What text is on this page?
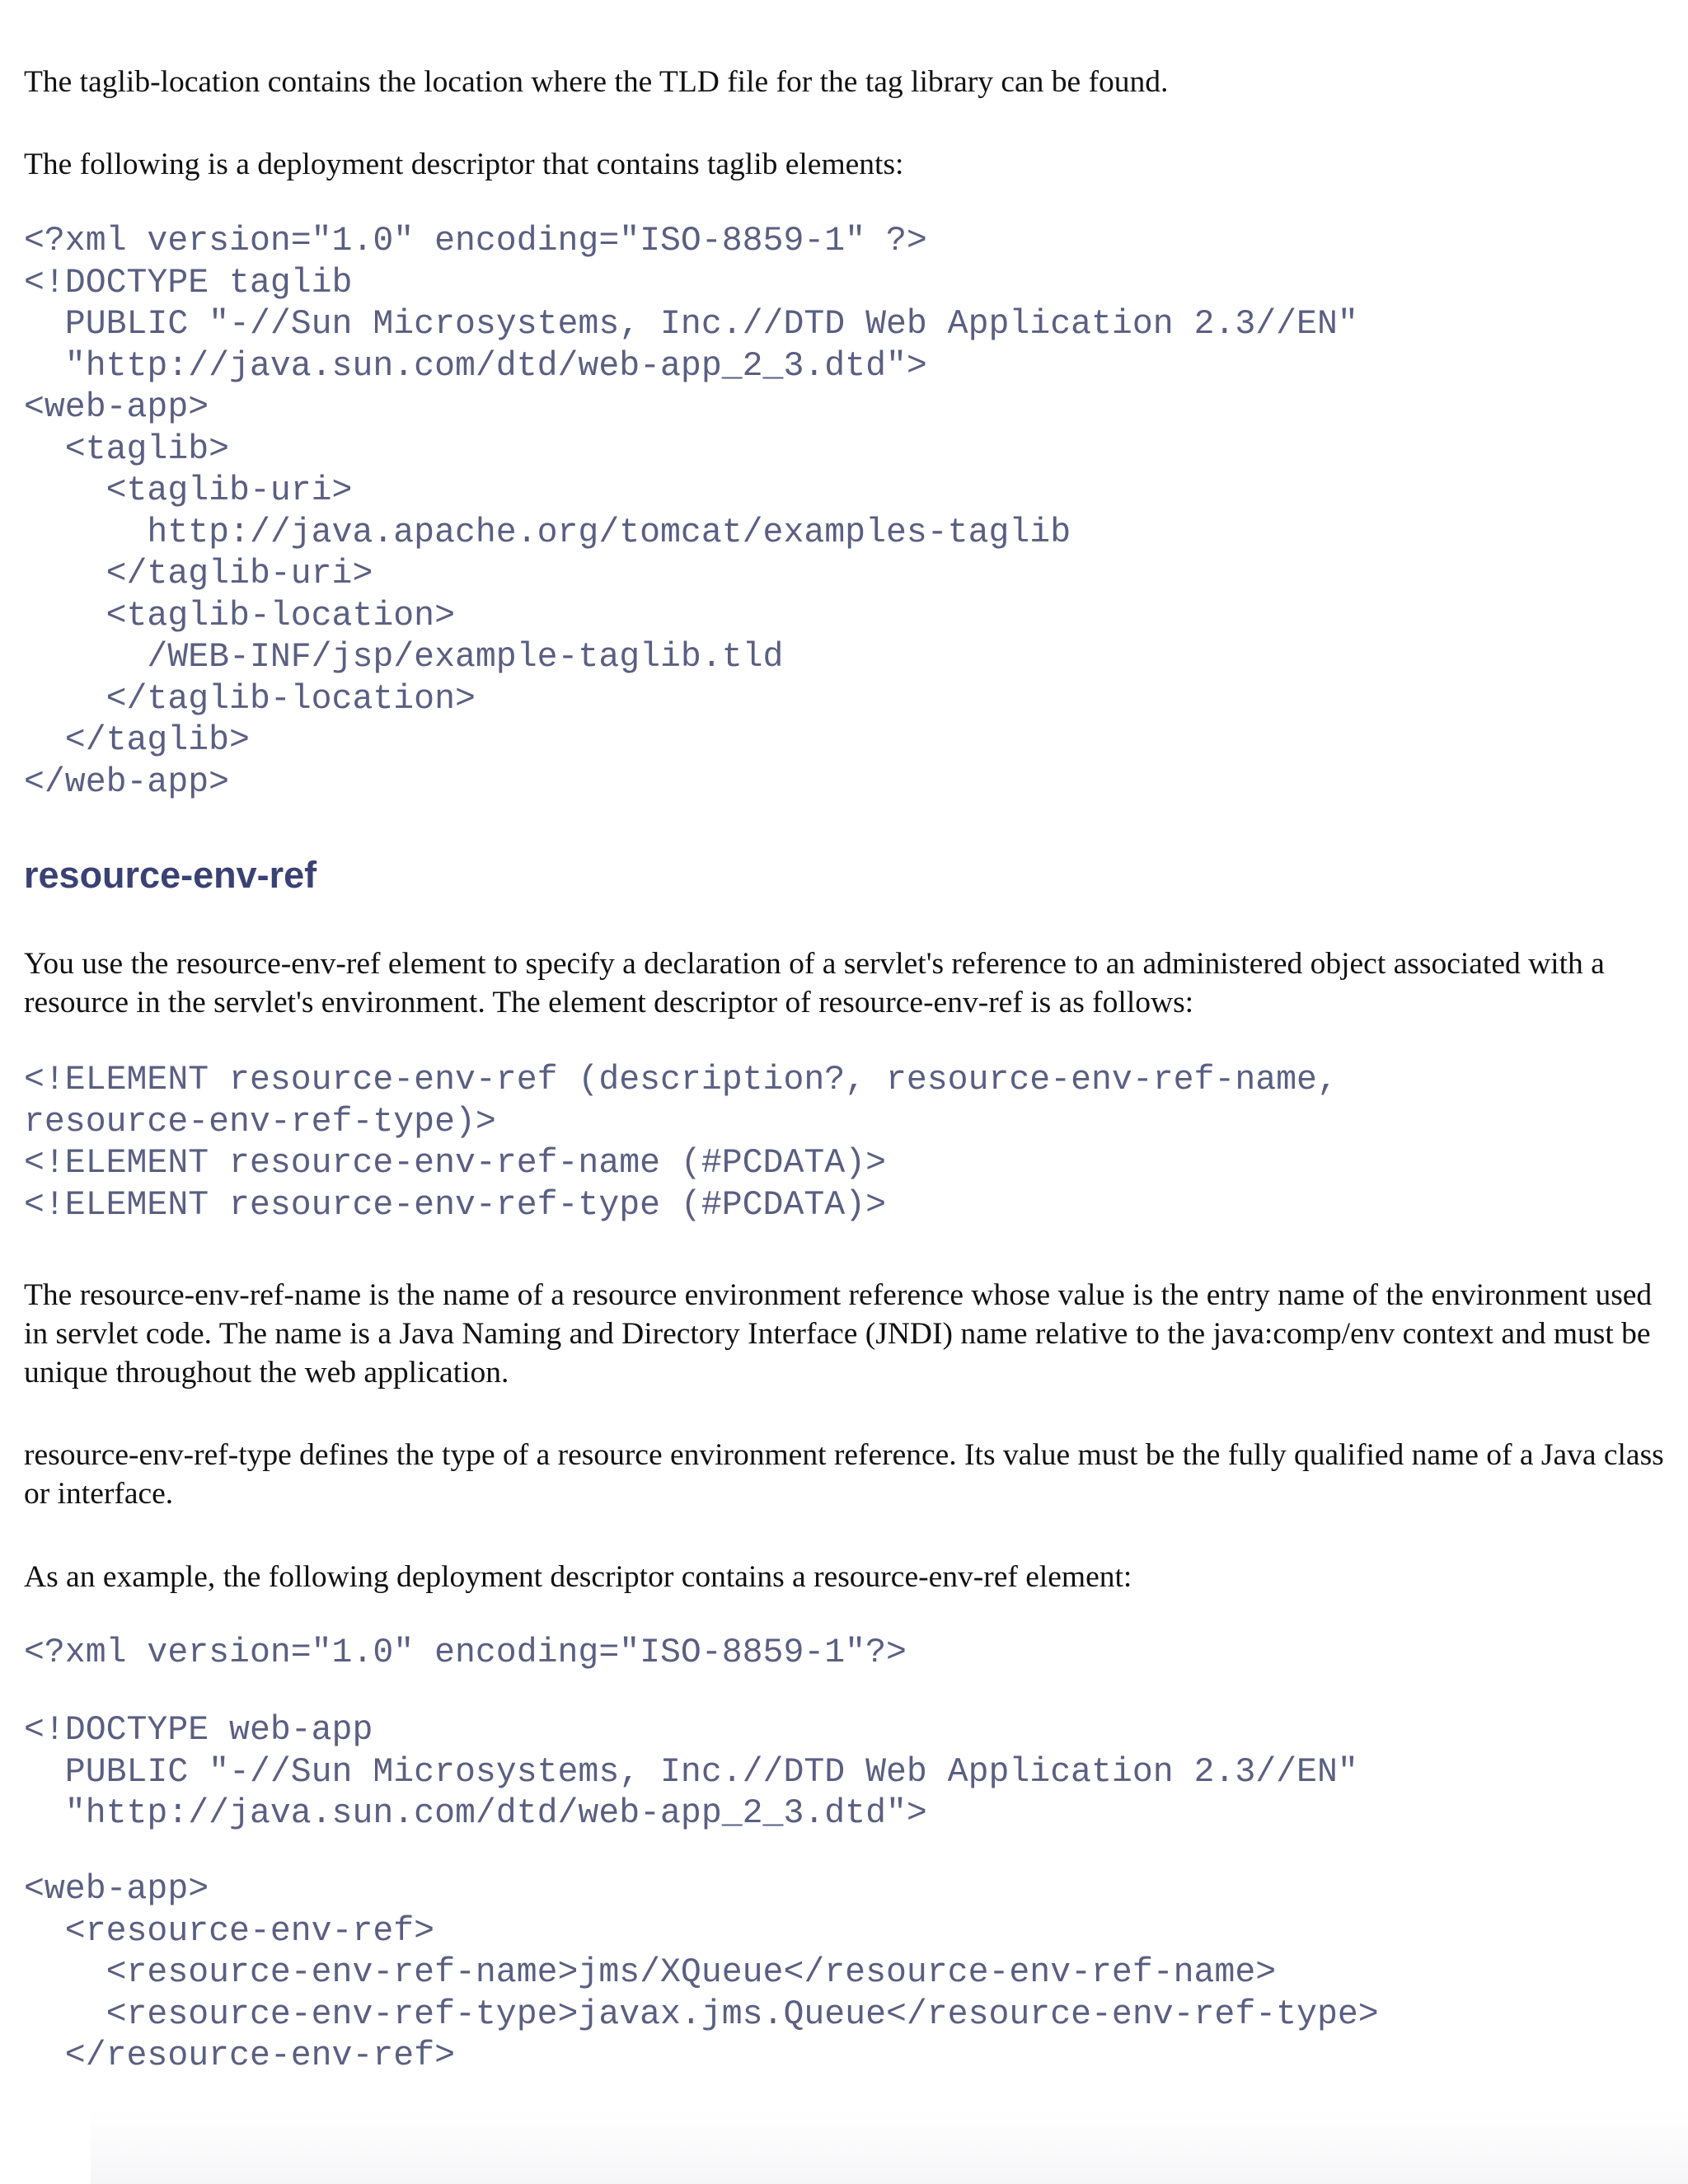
The taglib-location contains the location where the TLD file for the tag library can be found.

The following is a deployment descriptor that contains taglib elements:

<?xml version="1.0" encoding="ISO-8859-1" ?>
<!DOCTYPE taglib
PUBLIC "-//Sun Microsystems, Inc.//DTD Web Application 2.3//EN"
"http://java.sun.com/dtd/web-app_2_3.dtd">
<web-app>
<taglib>
<taglib-uri>
http://java.apache.org/tomcat/examples-taglib
</taglib-uri>
<taglib-location>
/WEB-INF/jsp/example-taglib.tld
</taglib-location>
</taglib>
</web-app>
resource-env-ref

You use the resource-env-ref element to specify a declaration of a servlet's reference to an administered object associated with a resource in the servlet's environment. The element descriptor of resource-env-ref is as follows:

<!ELEMENT resource-env-ref (description?, resource-env-ref-name,
resource-env-ref-type)>
<!ELEMENT resource-env-ref-name (#PCDATA)>
<!ELEMENT resource-env-ref-type (#PCDATA)>

The resource-env-ref-name is the name of a resource environment reference whose value is the entry name of the environment used in servlet code. The name is a Java Naming and Directory Interface (JNDI) name relative to the java:comp/env context and must be unique throughout the web application.

resource-env-ref-type defines the type of a resource environment reference. Its value must be the fully qualified name of a Java class or interface.

As an example, the following deployment descriptor contains a resource-env-ref element:

<?xml version="1.0" encoding="ISO-8859-1"?>
<!DOCTYPE web-app
PUBLIC "-//Sun Microsystems, Inc.//DTD Web Application 2.3//EN"
"http://java.sun.com/dtd/web-app_2_3.dtd">
<web-app>
<resource-env-ref>
<resource-env-ref-name>jms/XQueue</resource-env-ref-name>
<resource-env-ref-type>javax.jms.Queue</resource-env-ref-type>
</resource-env-ref>
